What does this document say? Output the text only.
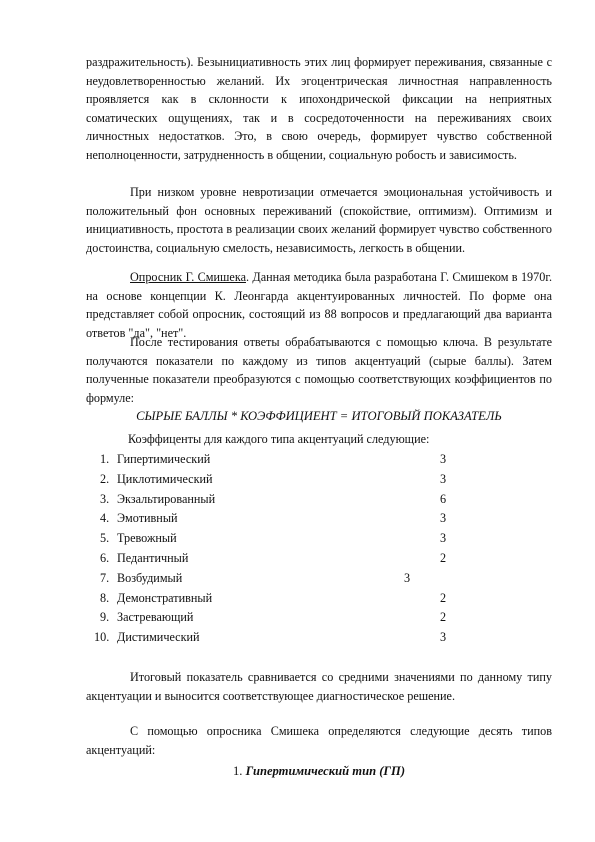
раздражительность). Безынициативность этих лиц формирует переживания, связанные с неудовлетворенностью желаний. Их эгоцентрическая личностная направленность проявляется как в склонности к ипохондрической фиксации на неприятных соматических ощущениях, так и в сосредоточенности на переживаниях своих личностных недостатков. Это, в свою очередь, формирует чувство собственной неполноценности, затрудненность в общении, социальную робость и зависимость.

При низком уровне невротизации отмечается эмоциональная устойчивость и положительный фон основных переживаний (спокойствие, оптимизм). Оптимизм и инициативность, простота в реализации своих желаний формирует чувство собственного достоинства, социальную смелость, независимость, легкость в общении.

Опросник Г. Смишека. Данная методика была разработана Г. Смишеком в 1970г. на основе концепции К. Леонгарда акцентуированных личностей. По форме она представляет собой опросник, состоящий из 88 вопросов и предлагающий два варианта ответов "да", "нет".

После тестирования ответы обрабатываются с помощью ключа. В результате получаются показатели по каждому из типов акцентуаций (сырые баллы). Затем полученные показатели преобразуются с помощью соответствующих коэффициентов по формуле:

СЫРЫЕ БАЛЛЫ * КОЭФФИЦИЕНТ = ИТОГОВЫЙ ПОКАЗАТЕЛЬ
Коэффиценты для каждого типа акцентуаций следующие:
1. Гипертимический	3
2. Циклотимический	3
3. Экзальтированный	6
4. Эмотивный	3
5. Тревожный	3
6. Педантичный	2
7. Возбудимый	3
8. Демонстративный	2
9. Застревающий	2
10. Дистимический	3

Итоговый показатель сравнивается со средними значениями по данному типу акцентуации и выносится соответствующее диагностическое решение.

С помощью опросника Смишека определяются следующие десять типов акцентуаций:

1. Гипертимический тип (ГП)
